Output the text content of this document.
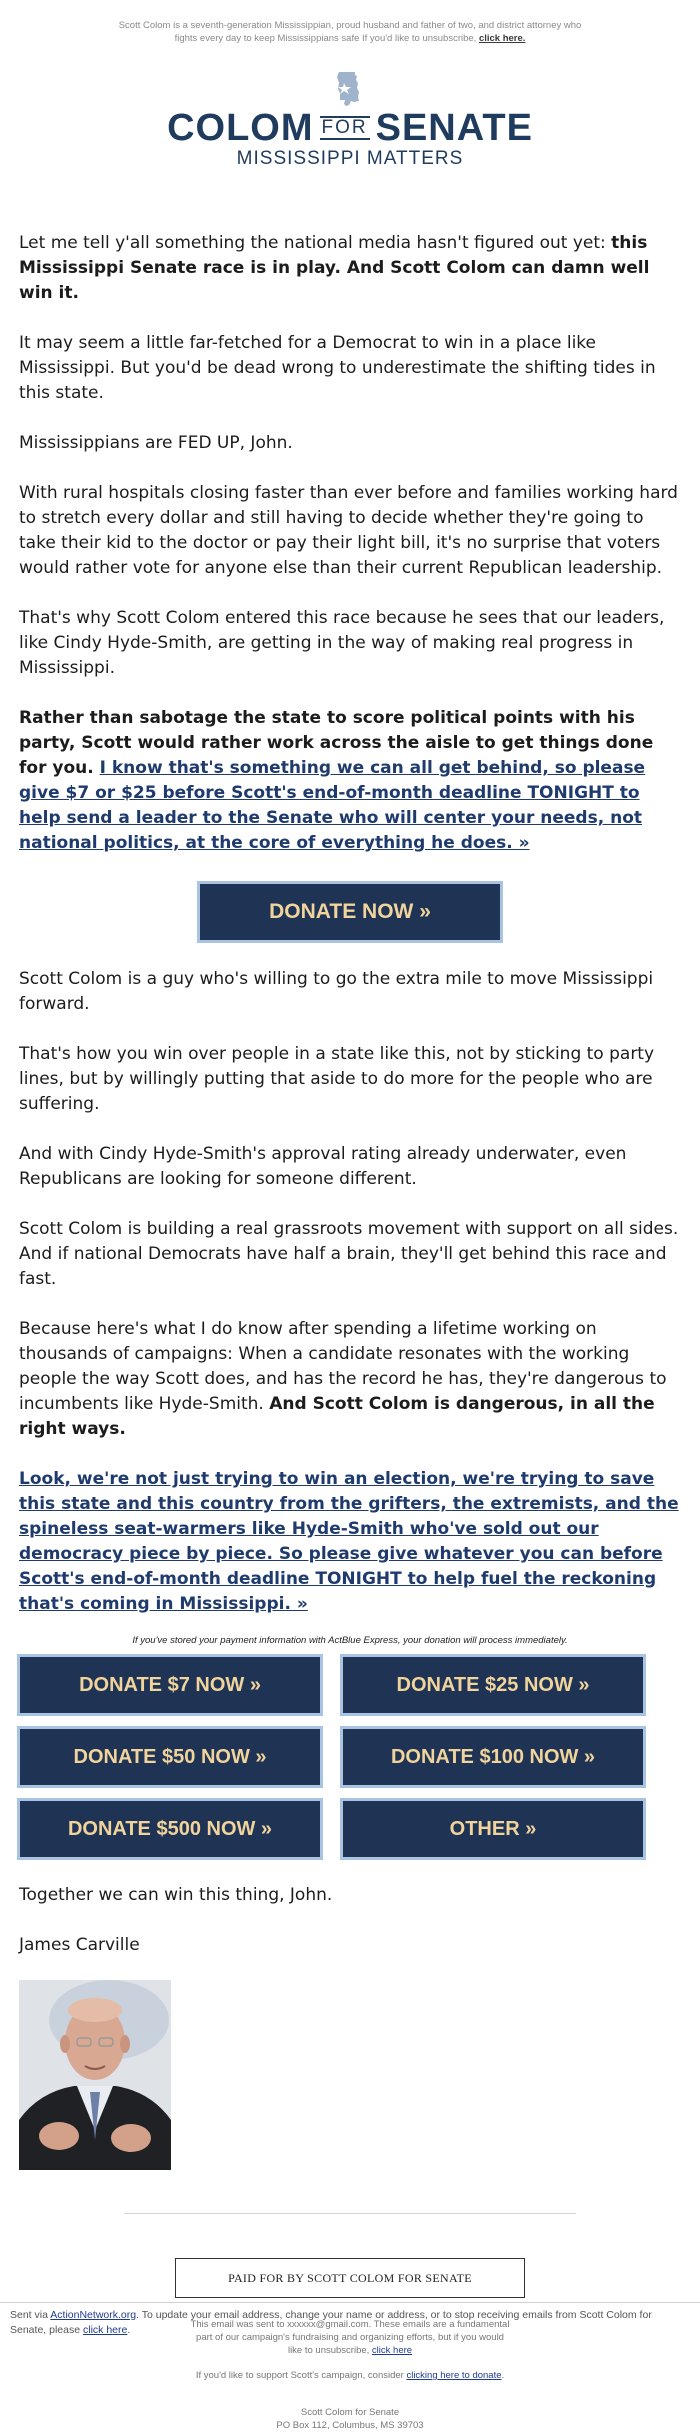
Scott Colom is a seventh-generation Mississippian, proud husband and father of two, and district attorney who fights every day to keep Mississippians safe If you'd like to unsubscribe, click here.
COLOM FOR SENATE
MISSISSIPPI MATTERS

Let me tell y'all something the national media hasn't figured out yet: this Mississippi Senate race is in play. And Scott Colom can damn well win it.

It may seem a little far-fetched for a Democrat to win in a place like Mississippi. But you'd be dead wrong to underestimate the shifting tides in this state.

Mississippians are FED UP, John.

With rural hospitals closing faster than ever before and families working hard to stretch every dollar and still having to decide whether they're going to take their kid to the doctor or pay their light bill, it's no surprise that voters would rather vote for anyone else than their current Republican leadership.

That's why Scott Colom entered this race because he sees that our leaders, like Cindy Hyde-Smith, are getting in the way of making real progress in Mississippi.

Rather than sabotage the state to score political points with his party, Scott would rather work across the aisle to get things done for you. I know that's something we can all get behind, so please give $7 or $25 before Scott's end-of-month deadline TONIGHT to help send a leader to the Senate who will center your needs, not national politics, at the core of everything he does. »

DONATE NOW »

Scott Colom is a guy who's willing to go the extra mile to move Mississippi forward.

That's how you win over people in a state like this, not by sticking to party lines, but by willingly putting that aside to do more for the people who are suffering.

And with Cindy Hyde-Smith's approval rating already underwater, even Republicans are looking for someone different.

Scott Colom is building a real grassroots movement with support on all sides. And if national Democrats have half a brain, they'll get behind this race and fast.

Because here's what I do know after spending a lifetime working on thousands of campaigns: When a candidate resonates with the working people the way Scott does, and has the record he has, they're dangerous to incumbents like Hyde-Smith. And Scott Colom is dangerous, in all the right ways.

Look, we're not just trying to win an election, we're trying to save this state and this country from the grifters, the extremists, and the spineless seat-warmers like Hyde-Smith who've sold out our democracy piece by piece. So please give whatever you can before Scott's end-of-month deadline TONIGHT to help fuel the reckoning that's coming in Mississippi. »

If you've stored your payment information with ActBlue Express, your donation will process immediately.
DONATE $7 NOW »	DONATE $25 NOW »
DONATE $50 NOW »	DONATE $100 NOW »
DONATE $500 NOW »	OTHER »

Together we can win this thing, John.

James Carville

PAID FOR BY SCOTT COLOM FOR SENATE
This email was sent to xxxxxx@gmail.com. These emails are a fundamental part of our campaign's fundraising and organizing efforts, but if you would like to unsubscribe, click here
If you'd like to support Scott's campaign, consider clicking here to donate.
Scott Colom for Senate
PO Box 112, Columbus, MS 39703
Sent via ActionNetwork.org. To update your email address, change your name or address, or to stop receiving emails from Scott Colom for Senate, please click here.
